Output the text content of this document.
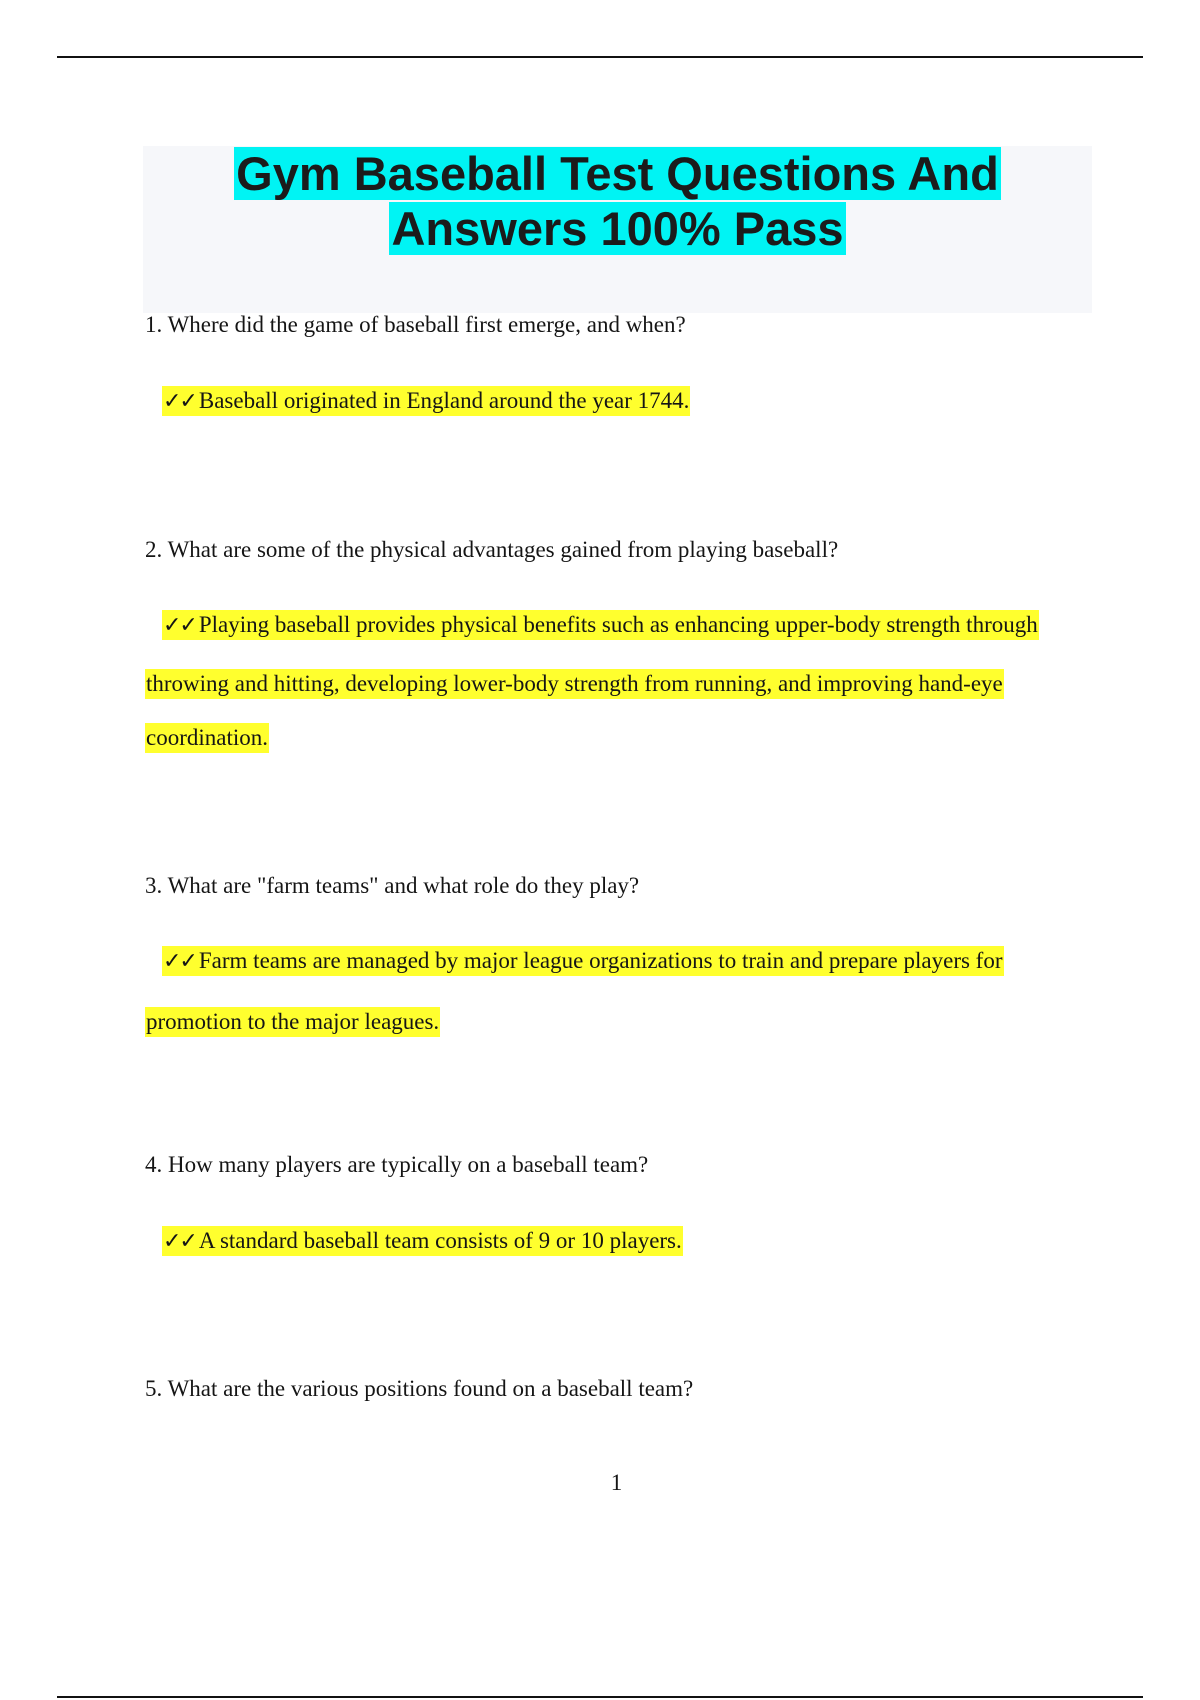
Gym Baseball Test Questions And
Answers 100% Pass
1. Where did the game of baseball first emerge, and when?
✓✓ Baseball originated in England around the year 1744.
2. What are some of the physical advantages gained from playing baseball?
✓✓ Playing baseball provides physical benefits such as enhancing upper-body strength through
throwing and hitting, developing lower-body strength from running, and improving hand-eye
coordination.
3. What are "farm teams" and what role do they play?
✓✓ Farm teams are managed by major league organizations to train and prepare players for
promotion to the major leagues.
4. How many players are typically on a baseball team?
✓✓ A standard baseball team consists of 9 or 10 players.
5. What are the various positions found on a baseball team?
1
